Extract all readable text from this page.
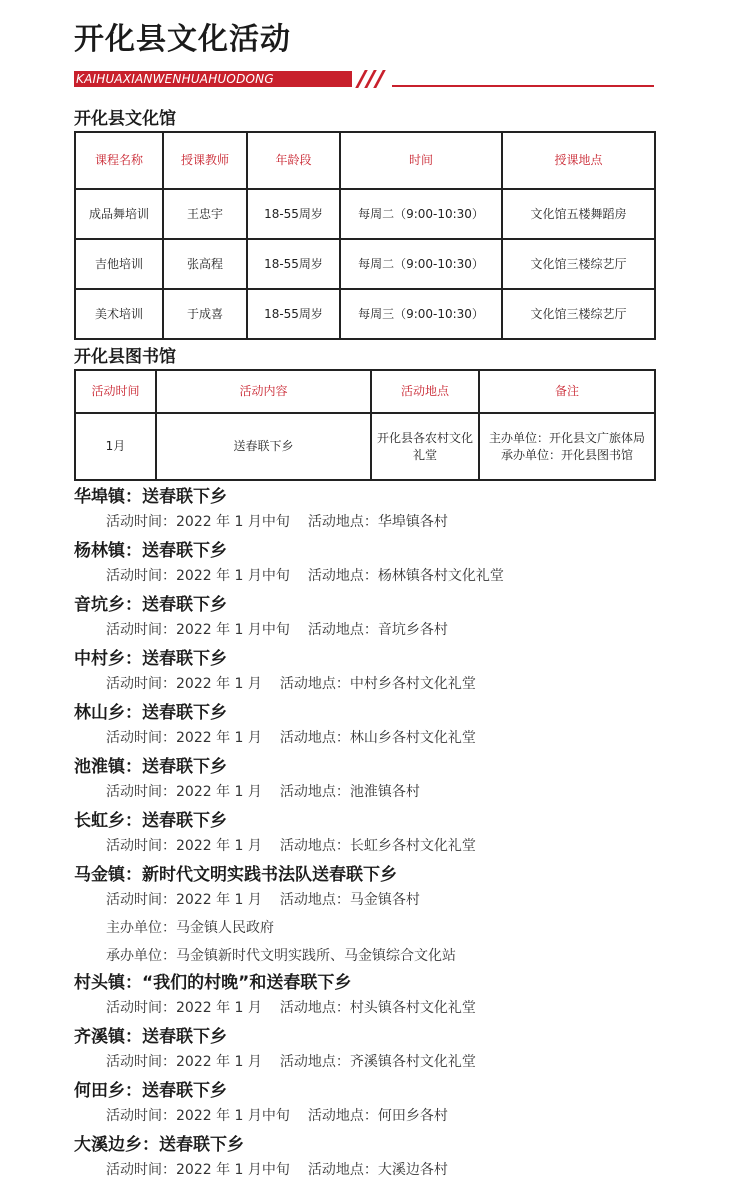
开化县文化活动
KAIHUAXIANWENHUAHUODONG
开化县文化馆
课程名称	授课教师	年龄段	时间	授课地点
成品舞培训	王忠宇	18-55周岁	每周二（9:00-10:30）	文化馆五楼舞蹈房
吉他培训	张高程	18-55周岁	每周二（9:00-10:30）	文化馆三楼综艺厅
美术培训	于成喜	18-55周岁	每周三（9:00-10:30）	文化馆三楼综艺厅
开化县图书馆
活动时间	活动内容	活动地点	备注
1月	送春联下乡	开化县各农村文化礼堂	主办单位：开化县文广旅体局
承办单位：开化县图书馆
华埠镇：送春联下乡
活动时间：2022 年 1 月中旬 活动地点：华埠镇各村
杨林镇：送春联下乡
活动时间：2022 年 1 月中旬 活动地点：杨林镇各村文化礼堂
音坑乡：送春联下乡
活动时间：2022 年 1 月中旬 活动地点：音坑乡各村
中村乡：送春联下乡
活动时间：2022 年 1 月 活动地点：中村乡各村文化礼堂
林山乡：送春联下乡
活动时间：2022 年 1 月 活动地点：林山乡各村文化礼堂
池淮镇：送春联下乡
活动时间：2022 年 1 月 活动地点：池淮镇各村
长虹乡：送春联下乡
活动时间：2022 年 1 月 活动地点：长虹乡各村文化礼堂
马金镇：新时代文明实践书法队送春联下乡
活动时间：2022 年 1 月 活动地点：马金镇各村
主办单位：马金镇人民政府
承办单位：马金镇新时代文明实践所、马金镇综合文化站
村头镇：“我们的村晚”和送春联下乡
活动时间：2022 年 1 月 活动地点：村头镇各村文化礼堂
齐溪镇：送春联下乡
活动时间：2022 年 1 月 活动地点：齐溪镇各村文化礼堂
何田乡：送春联下乡
活动时间：2022 年 1 月中旬 活动地点：何田乡各村
大溪边乡：送春联下乡
活动时间：2022 年 1 月中旬 活动地点：大溪边各村
